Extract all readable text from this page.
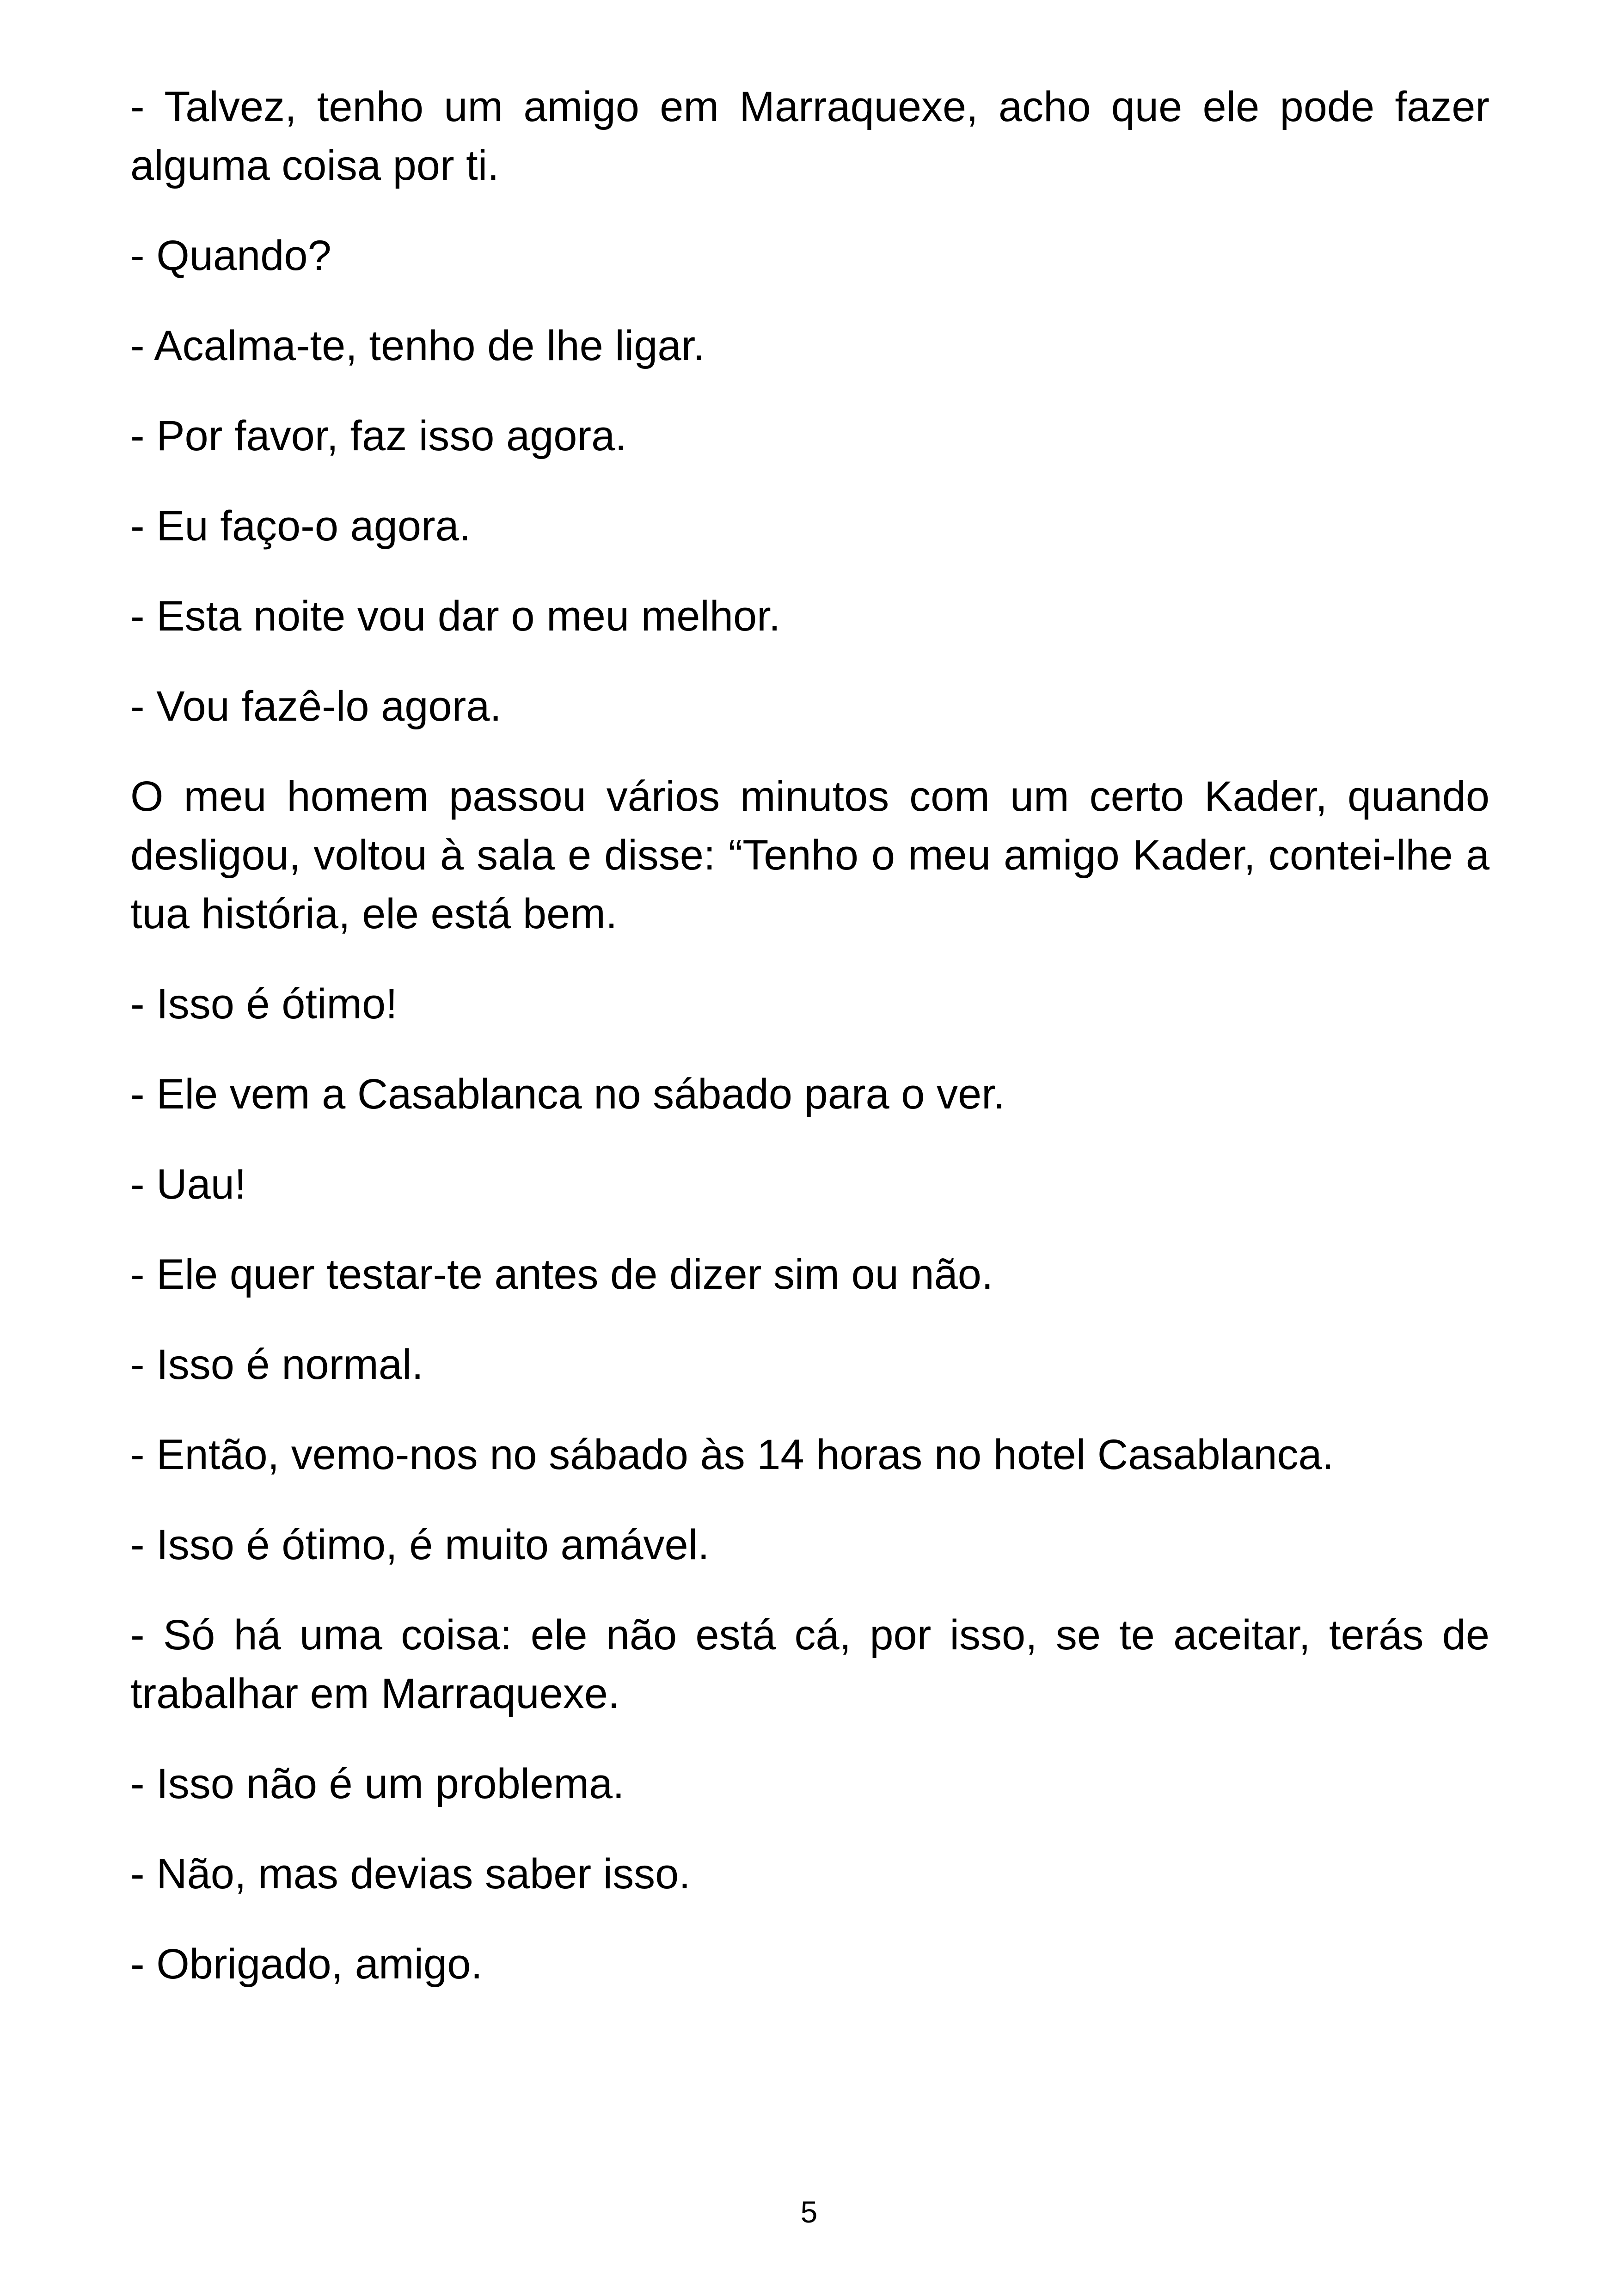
- Talvez, tenho um amigo em Marraquexe, acho que ele pode fazer alguma coisa por ti.

- Quando?

- Acalma-te, tenho de lhe ligar.

- Por favor, faz isso agora.

- Eu faço-o agora.

- Esta noite vou dar o meu melhor.

- Vou fazê-lo agora.

O meu homem passou vários minutos com um certo Kader, quando desligou, voltou à sala e disse: “Tenho o meu amigo Kader, contei-lhe a tua história, ele está bem.

- Isso é ótimo!

- Ele vem a Casablanca no sábado para o ver.

- Uau!

- Ele quer testar-te antes de dizer sim ou não.

- Isso é normal.

- Então, vemo-nos no sábado às 14 horas no hotel Casablanca.

- Isso é ótimo, é muito amável.

- Só há uma coisa: ele não está cá, por isso, se te aceitar, terás de trabalhar em Marraquexe.

- Isso não é um problema.

- Não, mas devias saber isso.

- Obrigado, amigo.

5
